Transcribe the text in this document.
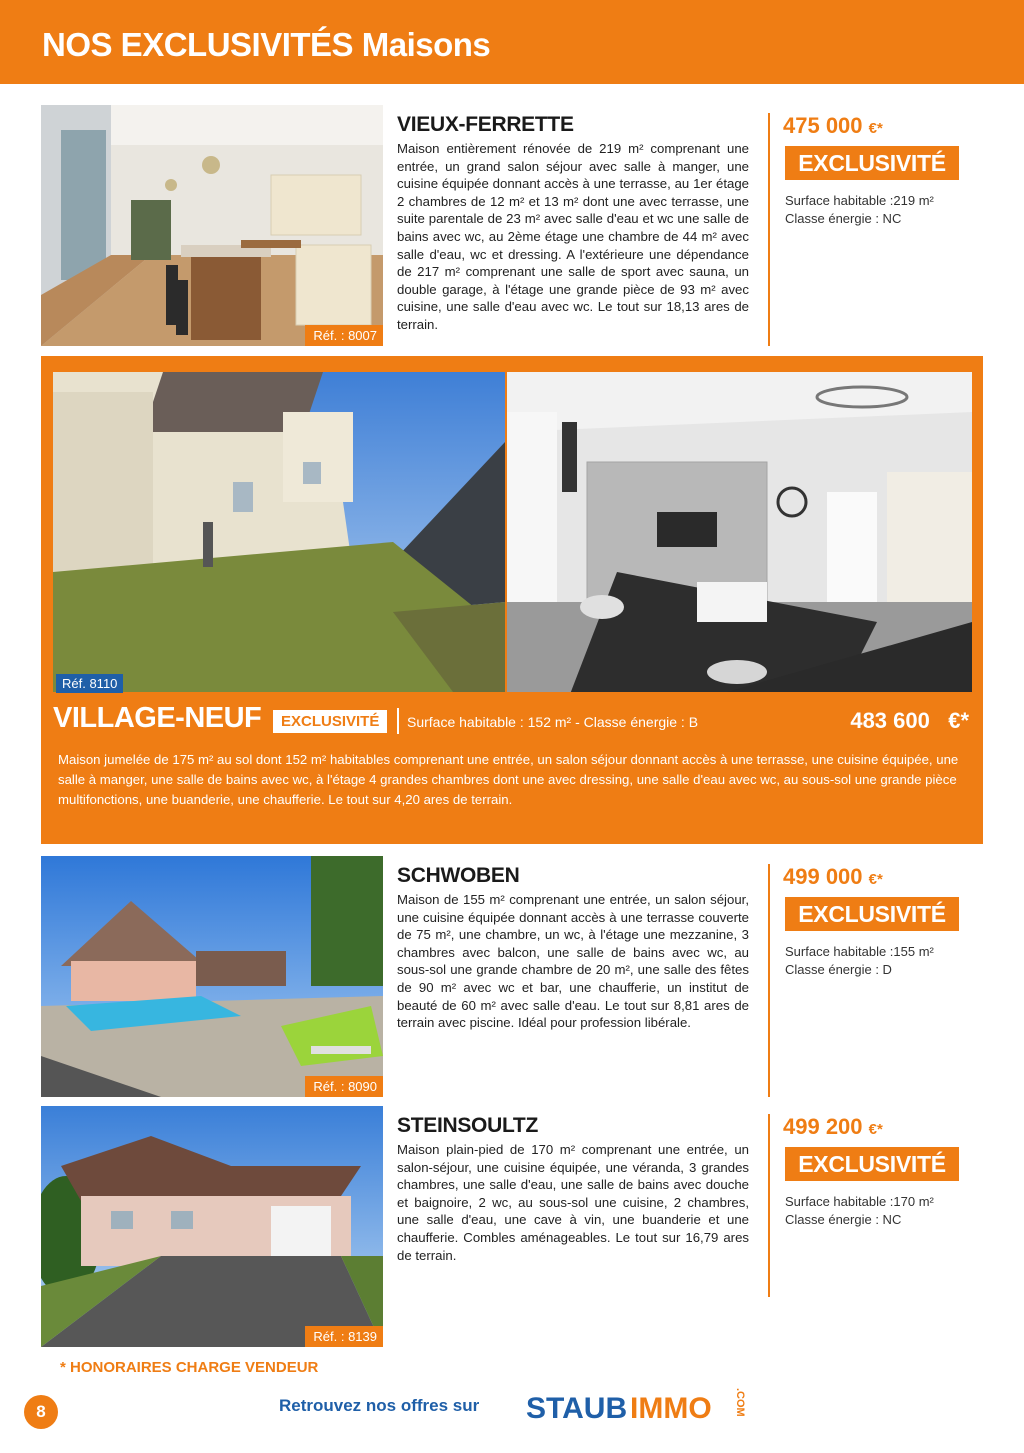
NOS EXCLUSIVITÉS Maisons
Réf. : 8007
VIEUX-FERRETTE
Maison entièrement rénovée de 219 m² comprenant une entrée, un grand salon séjour avec salle à manger, une cuisine équipée donnant accès à une terrasse, au 1er étage 2 chambres de 12 m² et 13 m² dont une avec terrasse, une suite parentale de 23 m² avec salle d'eau et wc une salle de bains avec wc, au 2ème étage une chambre de 44 m² avec salle d'eau, wc et dressing. A l'extérieure une dépendance de 217 m² comprenant une salle de sport avec sauna, un double garage, à l'étage une grande pièce de 93 m² avec cuisine, une salle d'eau avec wc. Le tout sur 18,13 ares de terrain.
475 000 €*
EXCLUSIVITÉ
Surface habitable :219 m²
Classe énergie : NC
Réf. 8110
VILLAGE-NEUF	EXCLUSIVITÉ	Surface habitable : 152 m² - Classe énergie : B	483 600 €*
Maison jumelée de 175 m² au sol dont 152 m² habitables comprenant une entrée, un salon séjour donnant accès à une terrasse, une cuisine équipée, une salle à manger, une salle de bains avec wc, à l'étage 4 grandes chambres dont une avec dressing, une salle d'eau avec wc, au sous-sol une grande pièce multifonctions, une buanderie, une chaufferie. Le tout sur 4,20 ares de terrain.
Réf. : 8090
SCHWOBEN
Maison de 155 m² comprenant une entrée, un salon séjour, une cuisine équipée donnant accès à une terrasse couverte de 75 m², une chambre, un wc, à l'étage une mezzanine, 3 chambres avec balcon, une salle de bains avec wc, au sous-sol une grande chambre de 20 m², une salle des fêtes de 90 m² avec wc et bar, une chaufferie, un institut de beauté de 60 m² avec salle d'eau. Le tout sur 8,81 ares de terrain avec piscine. Idéal pour profession libérale.
499 000 €*
EXCLUSIVITÉ
Surface habitable :155 m²
Classe énergie : D
Réf. : 8139
STEINSOULTZ
Maison plain-pied de 170 m² comprenant une entrée, un salon-séjour, une cuisine équipée, une véranda, 3 grandes chambres, une salle d'eau, une salle de bains avec douche et baignoire, 2 wc, au sous-sol une cuisine, 2 chambres, une salle d'eau, une cave à vin, une buanderie et une chaufferie. Combles aménageables. Le tout sur 16,79 ares de terrain.
499 200 €*
EXCLUSIVITÉ
Surface habitable :170 m²
Classe énergie : NC
* HONORAIRES CHARGE VENDEUR
8	Retrouvez nos offres sur STAUB IMMO .COM
